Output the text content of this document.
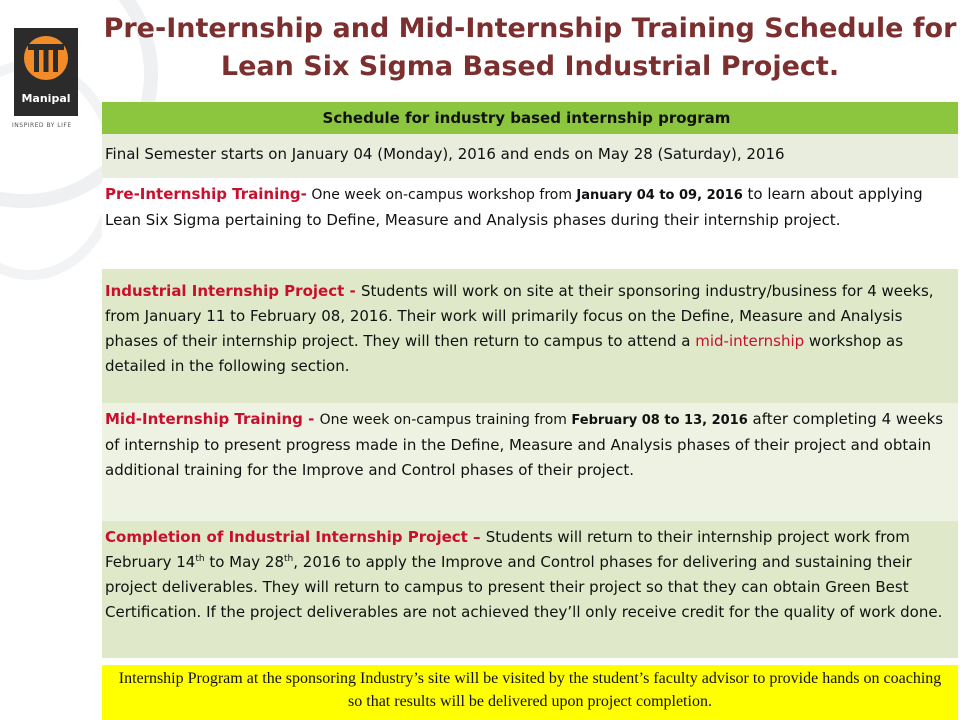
Manipal
INSPIRED BY LIFE
Pre-Internship and Mid-Internship Training Schedule for Lean Six Sigma Based Industrial Project.
Schedule for industry based internship program
Final Semester starts on January 04 (Monday), 2016 and ends on May 28 (Saturday), 2016
Pre-Internship Training- One week on-campus workshop from January 04 to 09, 2016 to learn about applying Lean Six Sigma pertaining to Define, Measure and Analysis phases during their internship project.
Industrial Internship Project - Students will work on site at their sponsoring industry/business for 4 weeks, from January 11 to February 08, 2016. Their work will primarily focus on the Define, Measure and Analysis phases of their internship project. They will then return to campus to attend a mid-internship workshop as detailed in the following section.
Mid-Internship Training - One week on-campus training from February 08 to 13, 2016 after completing 4 weeks of internship to present progress made in the Define, Measure and Analysis phases of their project and obtain additional training for the Improve and Control phases of their project.
Completion of Industrial Internship Project – Students will return to their internship project work from February 14th to May 28th, 2016 to apply the Improve and Control phases for delivering and sustaining their project deliverables. They will return to campus to present their project so that they can obtain Green Best Certification. If the project deliverables are not achieved they’ll only receive credit for the quality of work done.
Internship Program at the sponsoring Industry’s site will be visited by the student’s faculty advisor to provide hands on coaching so that results will be delivered upon project completion.
